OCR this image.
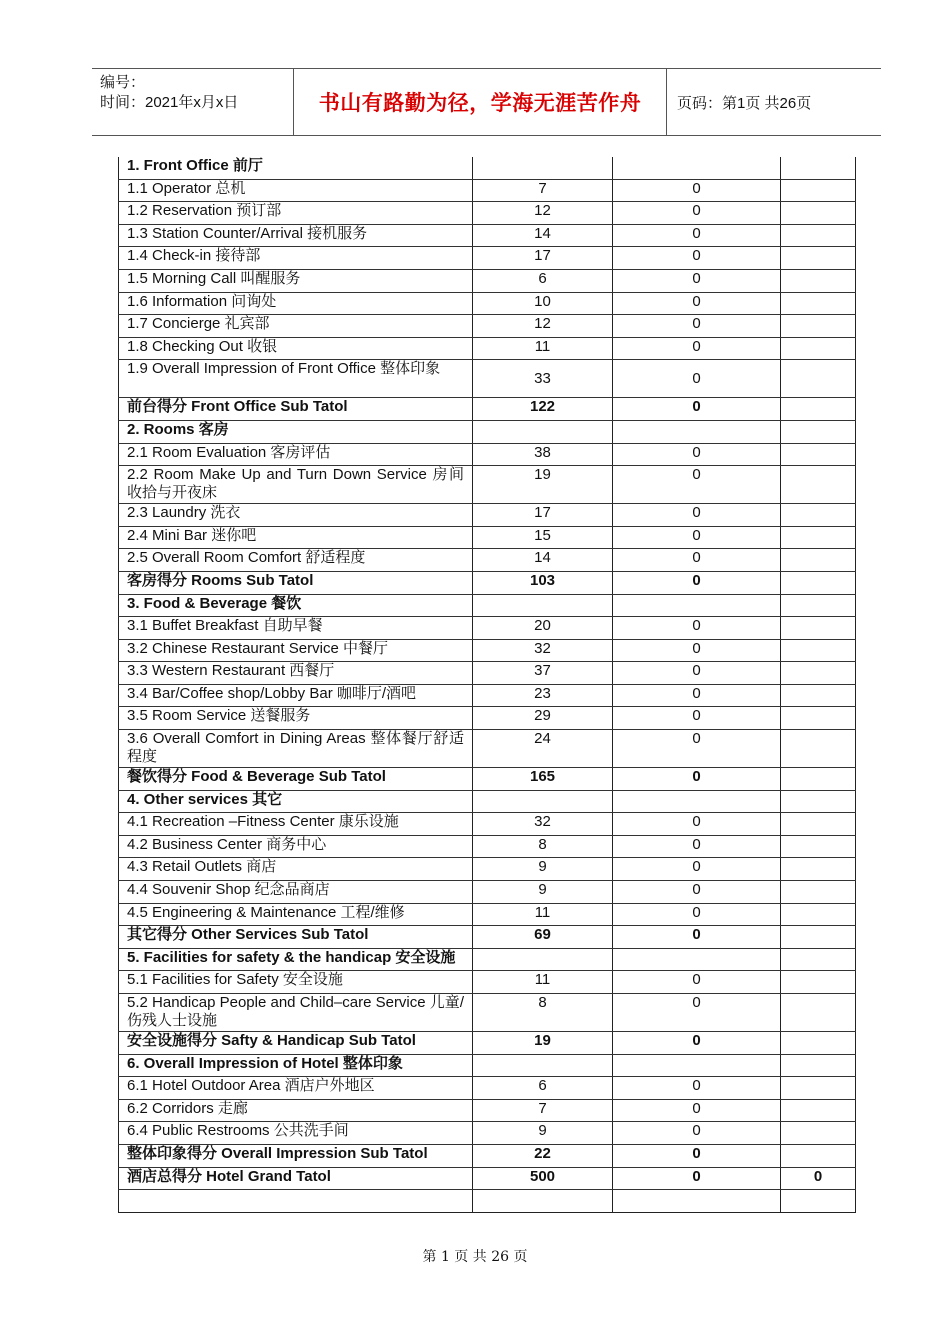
编号：
时间：2021年x月x日	书山有路勤为径，学海无涯苦作舟	页码：第1页 共26页
1. Front Office 前厅			
1.1 Operator 总机	7	0	
1.2 Reservation 预订部	12	0	
1.3 Station Counter/Arrival 接机服务	14	0	
1.4 Check-in 接待部	17	0	
1.5 Morning Call 叫醒服务	6	0	
1.6 Information 问询处	10	0	
1.7 Concierge 礼宾部	12	0	
1.8 Checking Out 收银	11	0	
1.9 Overall Impression of Front Office 整体印象	33	0	
前台得分 Front Office Sub Tatol	122	0	
2. Rooms 客房			
2.1 Room Evaluation 客房评估	38	0	
2.2 Room Make Up and Turn Down Service 房间收拾与开夜床	19	0	
2.3 Laundry 洗衣	17	0	
2.4 Mini Bar 迷你吧	15	0	
2.5 Overall Room Comfort 舒适程度	14	0	
客房得分 Rooms Sub Tatol	103	0	
3. Food & Beverage 餐饮			
3.1 Buffet Breakfast 自助早餐	20	0	
3.2 Chinese Restaurant Service 中餐厅	32	0	
3.3 Western Restaurant 西餐厅	37	0	
3.4 Bar/Coffee shop/Lobby Bar 咖啡厅/酒吧	23	0	
3.5 Room Service 送餐服务	29	0	
3.6 Overall Comfort in Dining Areas 整体餐厅舒适程度	24	0	
餐饮得分 Food & Beverage Sub Tatol	165	0	
4. Other services 其它			
4.1 Recreation –Fitness Center 康乐设施	32	0	
4.2 Business Center 商务中心	8	0	
4.3 Retail Outlets 商店	9	0	
4.4 Souvenir Shop 纪念品商店	9	0	
4.5 Engineering & Maintenance 工程/维修	11	0	
其它得分 Other Services Sub Tatol	69	0	
5. Facilities for safety & the handicap 安全设施			
5.1 Facilities for Safety 安全设施	11	0	
5.2 Handicap People and Child–care Service 儿童/伤残人士设施	8	0	
安全设施得分 Safty & Handicap Sub Tatol	19	0	
6. Overall Impression of Hotel 整体印象			
6.1 Hotel Outdoor Area 酒店户外地区	6	0	
6.2 Corridors 走廊	7	0	
6.4 Public Restrooms 公共洗手间	9	0	
整体印象得分 Overall Impression Sub Tatol	22	0	
酒店总得分 Hotel Grand Tatol	500	0	0

第 1 页 共 26 页
